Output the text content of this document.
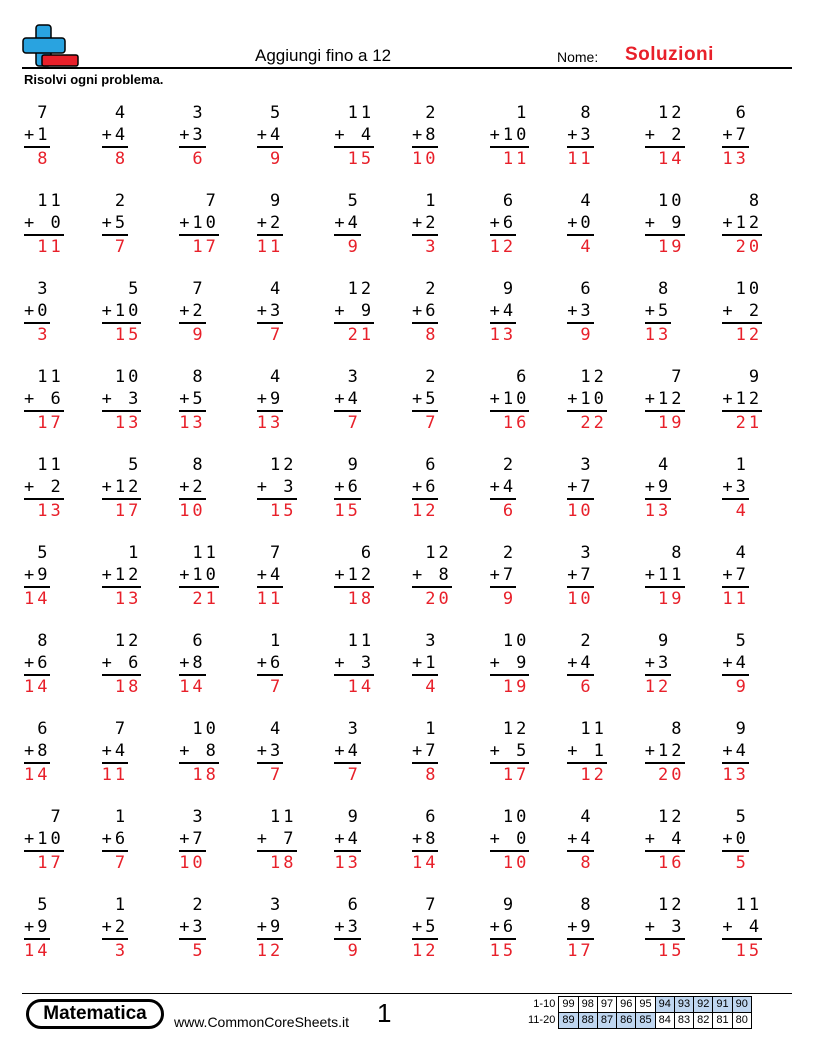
Aggiungi fino a 12	Nome: Soluzioni
Risolvi ogni problema.
7
+1
8
4
+4
8
3
+3
6
5
+4
9
11
+ 4
15
2
+8
10
1
+10
11
8
+3
11
12
+ 2
14
6
+7
13
11
+ 0
11
2
+5
7
7
+10
17
9
+2
11
5
+4
9
1
+2
3
6
+6
12
4
+0
4
10
+ 9
19
8
+12
20
3
+0
3
5
+10
15
7
+2
9
4
+3
7
12
+ 9
21
2
+6
8
9
+4
13
6
+3
9
8
+5
13
10
+ 2
12
11
+ 6
17
10
+ 3
13
8
+5
13
4
+9
13
3
+4
7
2
+5
7
6
+10
16
12
+10
22
7
+12
19
9
+12
21
11
+ 2
13
5
+12
17
8
+2
10
12
+ 3
15
9
+6
15
6
+6
12
2
+4
6
3
+7
10
4
+9
13
1
+3
4
5
+9
14
1
+12
13
11
+10
21
7
+4
11
6
+12
18
12
+ 8
20
2
+7
9
3
+7
10
8
+11
19
4
+7
11
8
+6
14
12
+ 6
18
6
+8
14
1
+6
7
11
+ 3
14
3
+1
4
10
+ 9
19
2
+4
6
9
+3
12
5
+4
9
6
+8
14
7
+4
11
10
+ 8
18
4
+3
7
3
+4
7
1
+7
8
12
+ 5
17
11
+ 1
12
8
+12
20
9
+4
13
7
+10
17
1
+6
7
3
+7
10
11
+ 7
18
9
+4
13
6
+8
14
10
+ 0
10
4
+4
8
12
+ 4
16
5
+0
5
5
+9
14
1
+2
3
2
+3
5
3
+9
12
6
+3
9
7
+5
12
9
+6
15
8
+9
17
12
+ 3
15
11
+ 4
15
Matematica	www.CommonCoreSheets.it 1	1-10	99	98	97	96	95	94	93	92	91	90
11-20	89	88	87	86	85	84	83	82	81	80
